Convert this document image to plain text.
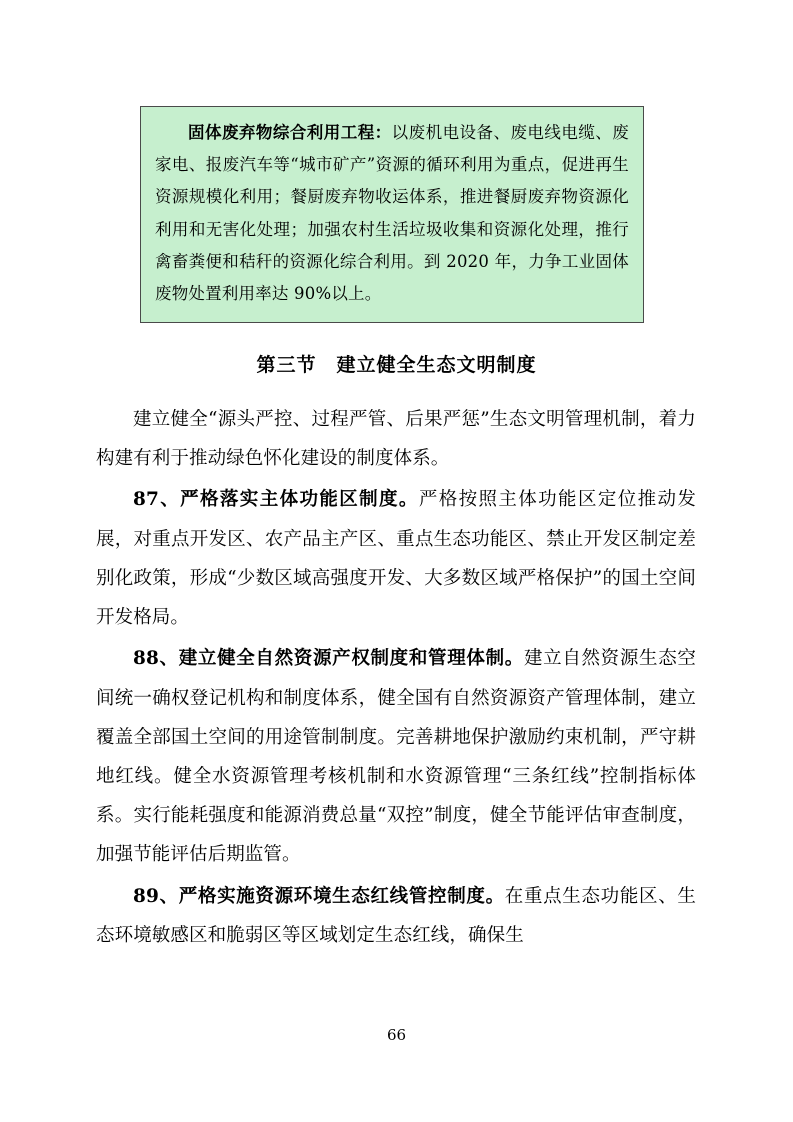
固体废弃物综合利用工程：以废机电设备、废电线电缆、废家电、报废汽车等“城市矿产”资源的循环利用为重点，促进再生资源规模化利用；餐厨废弃物收运体系，推进餐厨废弃物资源化利用和无害化处理；加强农村生活垃圾收集和资源化处理，推行禽畜粪便和秸秆的资源化综合利用。到 2020 年，力争工业固体废物处置利用率达 90%以上。

第三节　建立健全生态文明制度

建立健全“源头严控、过程严管、后果严惩”生态文明管理机制，着力构建有利于推动绿色怀化建设的制度体系。

87、严格落实主体功能区制度。严格按照主体功能区定位推动发展，对重点开发区、农产品主产区、重点生态功能区、禁止开发区制定差别化政策，形成“少数区域高强度开发、大多数区域严格保护”的国土空间开发格局。

88、建立健全自然资源产权制度和管理体制。建立自然资源生态空间统一确权登记机构和制度体系，健全国有自然资源资产管理体制，建立覆盖全部国土空间的用途管制制度。完善耕地保护激励约束机制，严守耕地红线。健全水资源管理考核机制和水资源管理“三条红线”控制指标体系。实行能耗强度和能源消费总量“双控”制度，健全节能评估审查制度，加强节能评估后期监管。

89、严格实施资源环境生态红线管控制度。在重点生态功能区、生态环境敏感区和脆弱区等区域划定生态红线，确保生

66
